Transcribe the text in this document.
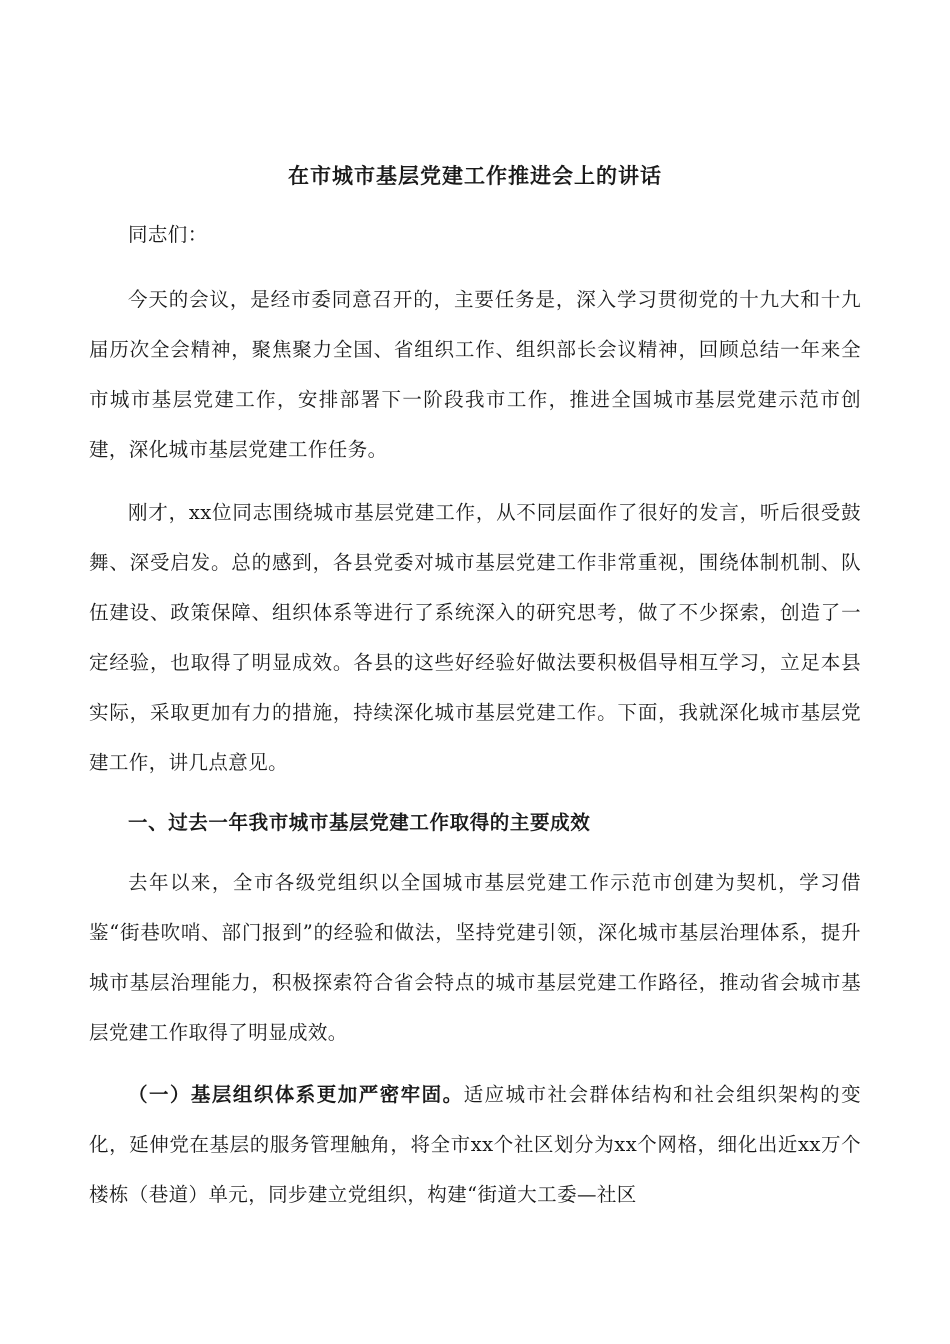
在市城市基层党建工作推进会上的讲话

同志们：

今天的会议，是经市委同意召开的，主要任务是，深入学习贯彻党的十九大和十九届历次全会精神，聚焦聚力全国、省组织工作、组织部长会议精神，回顾总结一年来全市城市基层党建工作，安排部署下一阶段我市工作，推进全国城市基层党建示范市创建，深化城市基层党建工作任务。

刚才，xx位同志围绕城市基层党建工作，从不同层面作了很好的发言，听后很受鼓舞、深受启发。总的感到，各县党委对城市基层党建工作非常重视，围绕体制机制、队伍建设、政策保障、组织体系等进行了系统深入的研究思考，做了不少探索，创造了一定经验，也取得了明显成效。各县的这些好经验好做法要积极倡导相互学习，立足本县实际，采取更加有力的措施，持续深化城市基层党建工作。下面，我就深化城市基层党建工作，讲几点意见。

一、过去一年我市城市基层党建工作取得的主要成效

去年以来，全市各级党组织以全国城市基层党建工作示范市创建为契机，学习借鉴“街巷吹哨、部门报到”的经验和做法，坚持党建引领，深化城市基层治理体系，提升城市基层治理能力，积极探索符合省会特点的城市基层党建工作路径，推动省会城市基层党建工作取得了明显成效。

（一）基层组织体系更加严密牢固。适应城市社会群体结构和社会组织架构的变化，延伸党在基层的服务管理触角，将全市xx个社区划分为xx个网格，细化出近xx万个楼栋（巷道）单元，同步建立党组织，构建“街道大工委—社区
